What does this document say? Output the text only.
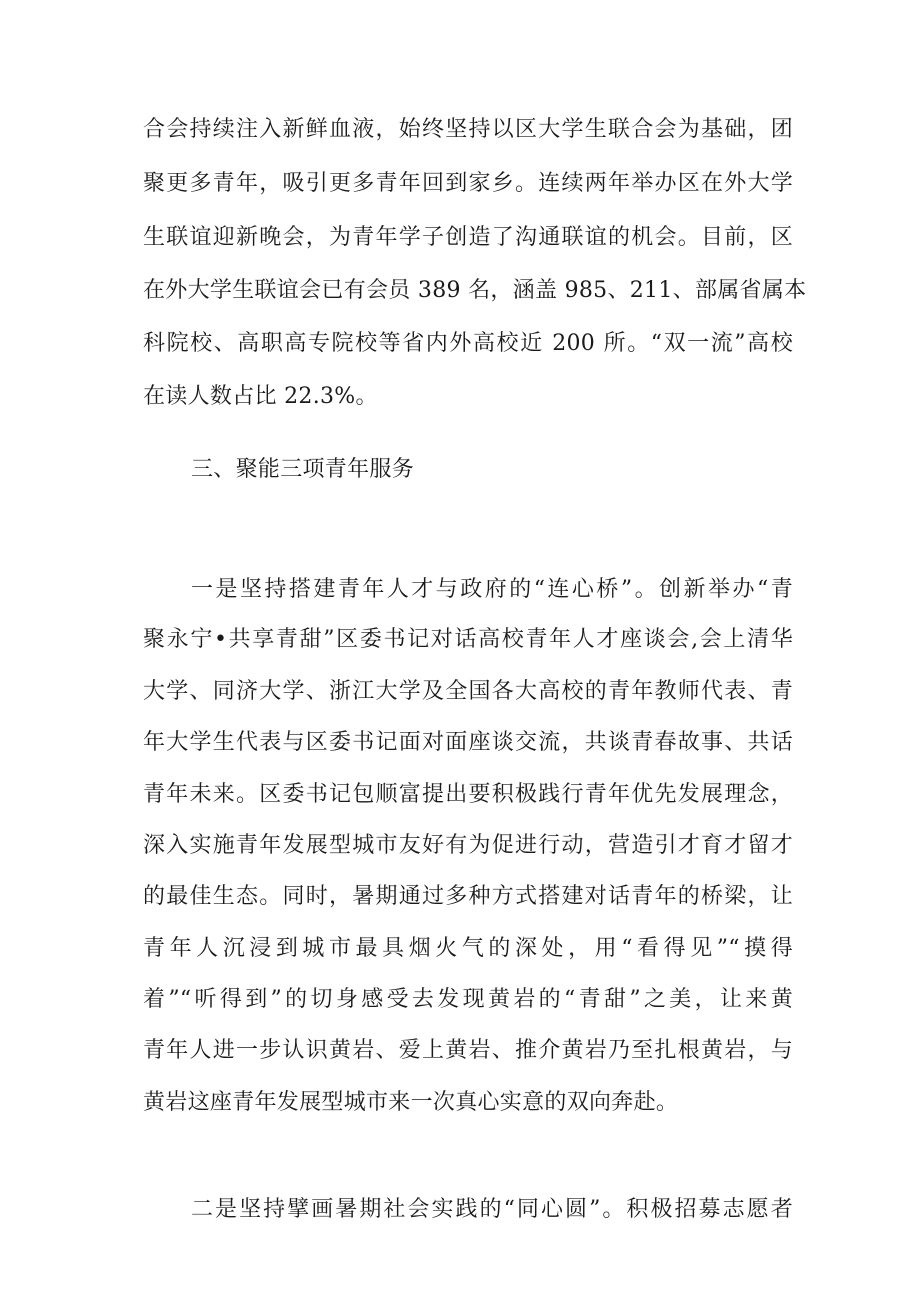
合会持续注入新鲜血液，始终坚持以区大学生联合会为基础，团

聚更多青年，吸引更多青年回到家乡。连续两年举办区在外大学

生联谊迎新晚会，为青年学子创造了沟通联谊的机会。目前，区

在外大学生联谊会已有会员 389 名，涵盖 985、211、部属省属本

科院校、高职高专院校等省内外高校近 200 所。“双一流”高校

在读人数占比 22.3%。

三、聚能三项青年服务

一是坚持搭建青年人才与政府的“连心桥”。创新举办“青

聚永宁•共享青甜”区委书记对话高校青年人才座谈会,会上清华

大学、同济大学、浙江大学及全国各大高校的青年教师代表、青

年大学生代表与区委书记面对面座谈交流，共谈青春故事、共话

青年未来。区委书记包顺富提出要积极践行青年优先发展理念，

深入实施青年发展型城市友好有为促进行动，营造引才育才留才

的最佳生态。同时，暑期通过多种方式搭建对话青年的桥梁，让

青年人沉浸到城市最具烟火气的深处，用“看得见”“摸得

着”“听得到”的切身感受去发现黄岩的“青甜”之美，让来黄

青年人进一步认识黄岩、爱上黄岩、推介黄岩乃至扎根黄岩，与

黄岩这座青年发展型城市来一次真心实意的双向奔赴。

二是坚持擘画暑期社会实践的“同心圆”。积极招募志愿者
